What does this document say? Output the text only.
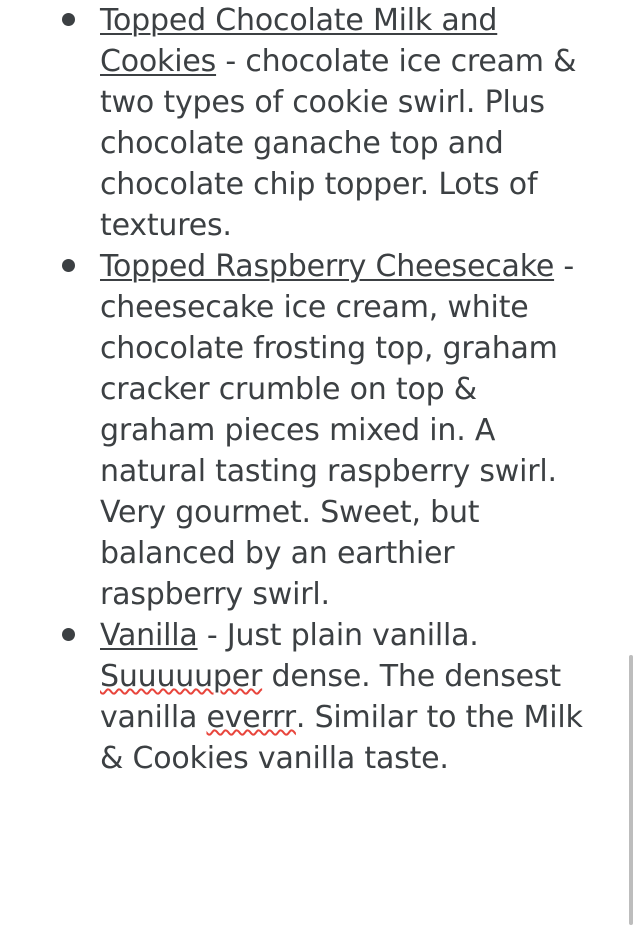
Topped Chocolate Milk and Cookies - chocolate ice cream & two types of cookie swirl. Plus chocolate ganache top and chocolate chip topper. Lots of textures.
Topped Raspberry Cheesecake - cheesecake ice cream, white chocolate frosting top, graham cracker crumble on top & graham pieces mixed in. A natural tasting raspberry swirl. Very gourmet. Sweet, but balanced by an earthier raspberry swirl.
Vanilla - Just plain vanilla. Suuuuuper dense. The densest vanilla everrr. Similar to the Milk & Cookies vanilla taste.
